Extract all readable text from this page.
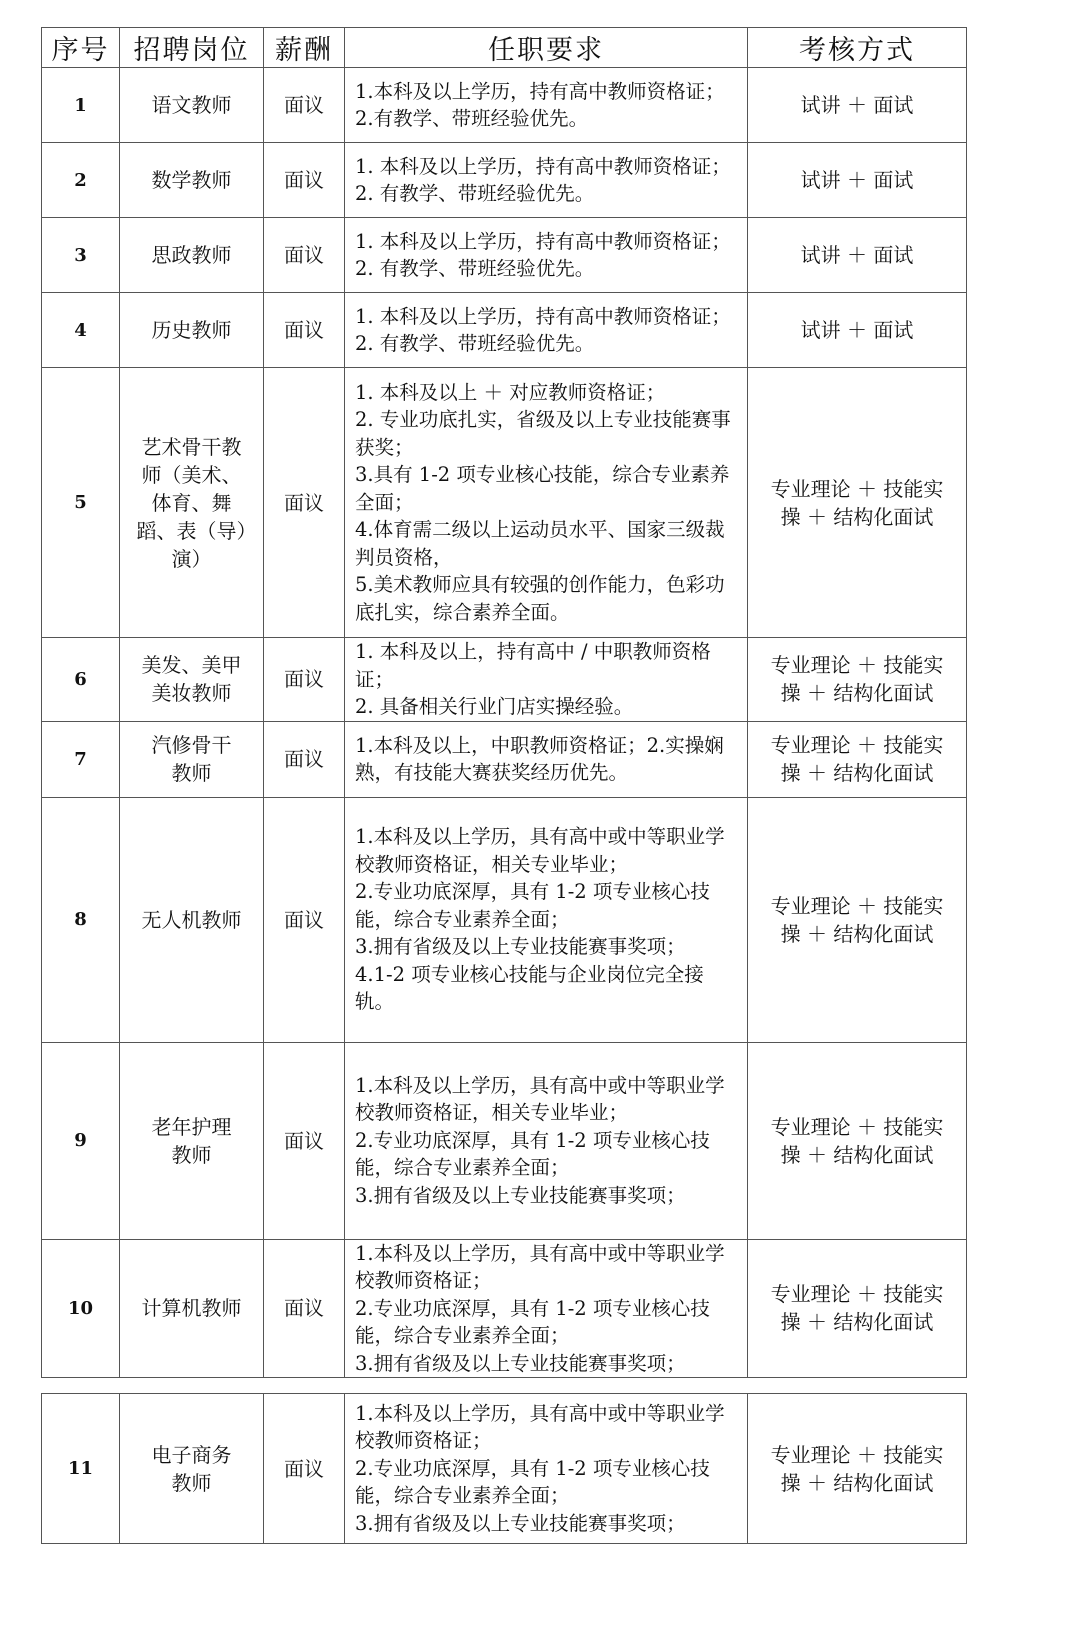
序号	招聘岗位	薪酬	任职要求	考核方式
1	语文教师	面议	1.本科及以上学历，持有高中教师资格证；
2.有教学、带班经验优先。	试讲 ＋ 面试
2	数学教师	面议	1. 本科及以上学历，持有高中教师资格证；
2. 有教学、带班经验优先。	试讲 ＋ 面试
3	思政教师	面议	1. 本科及以上学历，持有高中教师资格证；
2. 有教学、带班经验优先。	试讲 ＋ 面试
4	历史教师	面议	1. 本科及以上学历，持有高中教师资格证；
2. 有教学、带班经验优先。	试讲 ＋ 面试
5	艺术骨干教师（美术、体育、舞蹈、表（导）演）	面议	1. 本科及以上 ＋ 对应教师资格证；
2. 专业功底扎实，省级及以上专业技能赛事获奖；
3.具有 1-2 项专业核心技能，综合专业素养全面；
4.体育需二级以上运动员水平、国家三级裁判员资格，
5.美术教师应具有较强的创作能力，色彩功底扎实，综合素养全面。	专业理论 ＋ 技能实操 ＋ 结构化面试
6	美发、美甲美妆教师	面议	1. 本科及以上，持有高中 / 中职教师资格证；
2. 具备相关行业门店实操经验。	专业理论 ＋ 技能实操 ＋ 结构化面试
7	汽修骨干教师	面议	1.本科及以上，中职教师资格证；2.实操娴熟，有技能大赛获奖经历优先。	专业理论 ＋ 技能实操 ＋ 结构化面试
8	无人机教师	面议	1.本科及以上学历，具有高中或中等职业学校教师资格证，相关专业毕业；
2.专业功底深厚，具有 1-2 项专业核心技能，综合专业素养全面；
3.拥有省级及以上专业技能赛事奖项；
4.1-2 项专业核心技能与企业岗位完全接轨。	专业理论 ＋ 技能实操 ＋ 结构化面试
9	老年护理教师	面议	1.本科及以上学历，具有高中或中等职业学校教师资格证，相关专业毕业；
2.专业功底深厚，具有 1-2 项专业核心技能，综合专业素养全面；
3.拥有省级及以上专业技能赛事奖项；	专业理论 ＋ 技能实操 ＋ 结构化面试
10	计算机教师	面议	1.本科及以上学历，具有高中或中等职业学校教师资格证；
2.专业功底深厚，具有 1-2 项专业核心技能，综合专业素养全面；
3.拥有省级及以上专业技能赛事奖项；	专业理论 ＋ 技能实操 ＋ 结构化面试
11	电子商务教师	面议	1.本科及以上学历，具有高中或中等职业学校教师资格证；
2.专业功底深厚，具有 1-2 项专业核心技能，综合专业素养全面；
3.拥有省级及以上专业技能赛事奖项；	专业理论 ＋ 技能实操 ＋ 结构化面试
